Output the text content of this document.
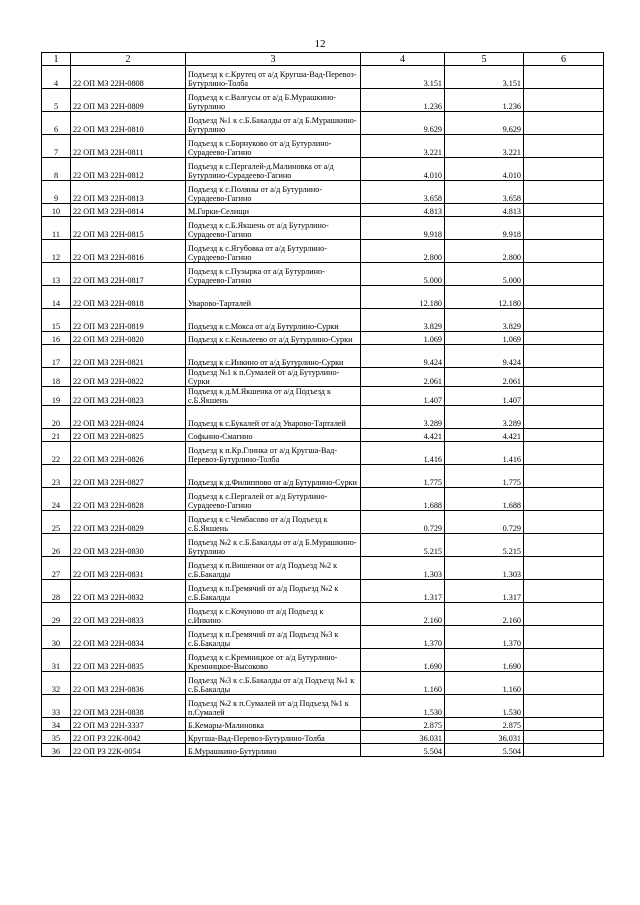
12
1	2	3	4	5	6
4	22 ОП МЗ 22Н-0808	Подъезд к с.Крутец от а/д Кругша-Вад-Перевоз-Бутурлино-Толба	3.151	3.151	
5	22 ОП МЗ 22Н-0809	Подъезд к с.Валгусы от а/д Б.Мурашкино-Бутурлино	1.236	1.236	
6	22 ОП МЗ 22Н-0810	Подъезд №1 к с.Б.Бакалды от а/д Б.Мурашкино-Бутурлино	9.629	9.629	
7	22 ОП МЗ 22Н-0811	Подъезд к с.Борнуково от а/д Бутурлино-Сурадеево-Гагино	3.221	3.221	
8	22 ОП МЗ 22Н-0812	Подъезд к с.Пергалей-д.Малиновка от а/д Бутурлино-Сурадеево-Гагино	4.010	4.010	
9	22 ОП МЗ 22Н-0813	Подъезд к с.Поляны от а/д Бутурлино-Сурадеево-Гагино	3.658	3.658	
10	22 ОП МЗ 22Н-0814	М.Горки-Селищи	4.813	4.813	
11	22 ОП МЗ 22Н-0815	Подъезд к с.Б.Якшень от а/д Бутурлино-Сурадеево-Гагино	9.918	9.918	
12	22 ОП МЗ 22Н-0816	Подъезд к с.Ягубовка от а/д Бутурлино-Сурадеево-Гагино	2.800	2.800	
13	22 ОП МЗ 22Н-0817	Подъезд к с.Пузырка от а/д Бутурлино-Сурадеево-Гагино	5.000	5.000	
14	22 ОП МЗ 22Н-0818	Уварово-Тарталей	12.180	12.180	
15	22 ОП МЗ 22Н-0819	Подъезд к с.Мокса от а/д Бутурлино-Сурки	3.829	3.829	
16	22 ОП МЗ 22Н-0820	Подъезд к с.Кеньлеево от а/д Бутурлино-Сурки	1.069	1.069	
17	22 ОП МЗ 22Н-0821	Подъезд к с.Инкино от а/д Бутурлино-Сурки	9.424	9.424	
18	22 ОП МЗ 22Н-0822	Подъезд №1 к п.Сумалей от а/д Бутурлино-Сурки	2.061	2.061	
19	22 ОП МЗ 22Н-0823	Подъезд к д.М.Якшенка от а/д Подъезд к с.Б.Якшень	1.407	1.407	
20	22 ОП МЗ 22Н-0824	Подъезд к с.Букалей от а/д Уварово-Тарталей	3.289	3.289	
21	22 ОП МЗ 22Н-0825	Софьино-Смагино	4.421	4.421	
22	22 ОП МЗ 22Н-0826	Подъезд к п.Кр.Глинка от а/д Кругша-Вад-Перевоз-Бутурлино-Толба	1.416	1.416	
23	22 ОП МЗ 22Н-0827	Подъезд к д.Филиппово от а/д Бутурлино-Сурки	1.775	1.775	
24	22 ОП МЗ 22Н-0828	Подъезд к с.Пергалей от а/д Бутурлино-Сурадеево-Гагино	1.688	1.688	
25	22 ОП МЗ 22Н-0829	Подъезд к с.Чембасово от а/д Подъезд к с.Б.Якшень	0.729	0.729	
26	22 ОП МЗ 22Н-0830	Подъезд №2 к с.Б.Бакалды от а/д Б.Мурашкино-Бутурлино	5.215	5.215	
27	22 ОП МЗ 22Н-0831	Подъезд к п.Вишенки от а/д Подъезд №2 к с.Б.Бакалды	1.303	1.303	
28	22 ОП МЗ 22Н-0832	Подъезд к п.Гремячий от а/д Подъезд №2 к с.Б.Бакалды	1.317	1.317	
29	22 ОП МЗ 22Н-0833	Подъезд к с.Кочуново от а/д Подъезд к с.Инкино	2.160	2.160	
30	22 ОП МЗ 22Н-0834	Подъезд к п.Гремячий от а/д Подъезд №3 к с.Б.Бакалды	1.370	1.370	
31	22 ОП МЗ 22Н-0835	Подъезд к с.Кремницкое от а/д Бутурлино-Кремницкое-Высоково	1.690	1.690	
32	22 ОП МЗ 22Н-0836	Подъезд №3 к с.Б.Бакалды от а/д Подъезд №1 к с.Б.Бакалды	1.160	1.160	
33	22 ОП МЗ 22Н-0838	Подъезд №2 к п.Сумалей от а/д Подъезд №1 к п.Сумалей	1.530	1.530	
34	22 ОП МЗ 22Н-3337	Б.Кемары-Малиновка	2.875	2.875	
35	22 ОП РЗ 22К-0042	Кругша-Вад-Перевоз-Бутурлино-Толба	36.031	36.031	
36	22 ОП РЗ 22К-0054	Б.Мурашкино-Бутурлино	5.504	5.504	
